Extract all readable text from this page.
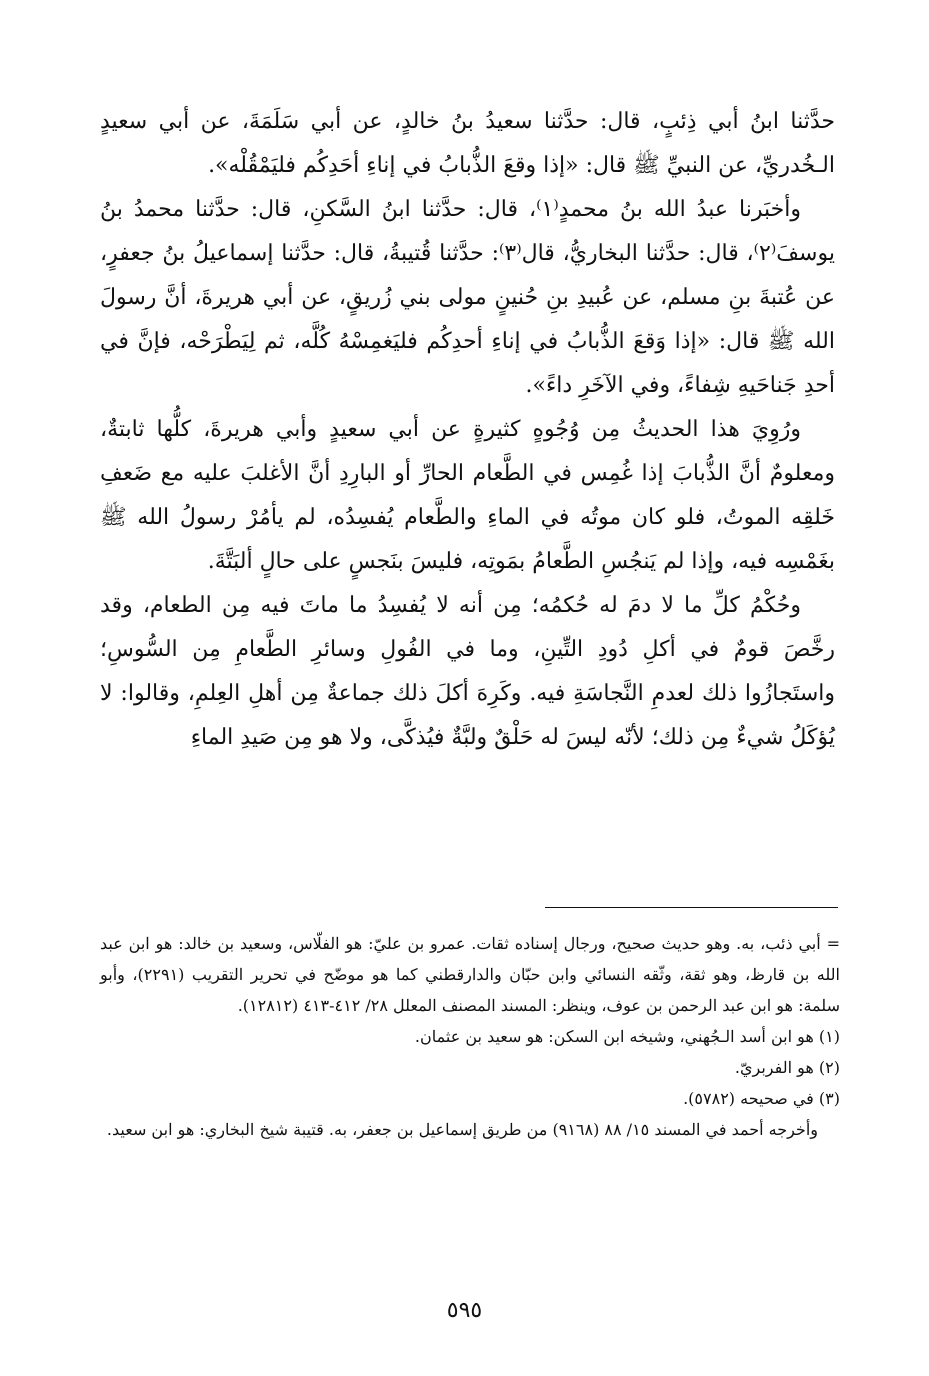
حدَّثنا ابنُ أبي ذِئبٍ، قال: حدَّثنا سعيدُ بنُ خالدٍ، عن أبي سَلَمَةَ، عن أبي سعيدٍ الـخُدريِّ، عن النبيِّ ﷺ قال: «إذا وقعَ الذُّبابُ في إناءِ أحَدِكُم فليَمْقُلْه».

وأخبَرنا عبدُ الله بنُ محمدٍ⁽١⁾، قال: حدَّثنا ابنُ السَّكنِ، قال: حدَّثنا محمدُ بنُ يوسفَ⁽٢⁾، قال: حدَّثنا البخاريُّ، قال⁽٣⁾: حدَّثنا قُتيبةُ، قال: حدَّثنا إسماعيلُ بنُ جعفرٍ، عن عُتبةَ بنِ مسلم، عن عُبيدِ بنِ حُنينٍ مولى بني زُريقٍ، عن أبي هريرةَ، أنَّ رسولَ الله ﷺ قال: «إذا وَقعَ الذُّبابُ في إناءِ أحدِكُم فليَغمِسْهُ كُلَّه، ثم لِيَطْرَحْه، فإنَّ في أحدِ جَناحَيهِ شِفاءً، وفي الآخَرِ داءً».

ورُوِيَ هذا الحديثُ مِن وُجُوهٍ كثيرةٍ عن أبي سعيدٍ وأبي هريرةَ، كلُّها ثابتةٌ، ومعلومٌ أنَّ الذُّبابَ إذا غُمِس في الطَّعام الحارِّ أو البارِدِ أنَّ الأغلبَ عليه مع ضَعفِ خَلقِه الموتُ، فلو كان موتُه في الماءِ والطَّعام يُفسِدُه، لم يأمُرْ رسولُ الله ﷺ بغَمْسِه فيه، وإذا لم يَنجُسِ الطَّعامُ بمَوتِه، فليسَ بنَجسٍ على حالٍ ألبَتَّةَ.

وحُكْمُ كلِّ ما لا دمَ له حُكمُه؛ مِن أنه لا يُفسِدُ ما ماتَ فيه مِن الطعام، وقد رخَّصَ قومٌ في أكلِ دُودِ التِّينِ، وما في الفُولِ وسائرِ الطَّعامِ مِن السُّوسِ؛ واستَجازُوا ذلك لعدمِ النَّجاسَةِ فيه. وكَرِهَ أكلَ ذلك جماعةٌ مِن أهلِ العِلمِ، وقالوا: لا يُؤكَلُ شيءٌ مِن ذلك؛ لأنّه ليسَ له حَلْقٌ ولبَّةٌ فيُذكَّى، ولا هو مِن صَيدِ الماءِ

= أبي ذئب، به. وهو حديث صحيح، ورجال إسناده ثقات. عمرو بن عليّ: هو الفلّاس، وسعيد بن خالد: هو ابن عبد الله بن قارظ، وهو ثقة، وثّقه النسائي وابن حبّان والدارقطني كما هو موضّح في تحرير التقريب (٢٢٩١)، وأبو سلمة: هو ابن عبد الرحمن بن عوف، وينظر: المسند المصنف المعلل ٢٨/ ٤١٢-٤١٣ (١٢٨١٢).

(١) هو ابن أسد الـجُهني، وشيخه ابن السكن: هو سعيد بن عثمان.

(٢) هو الفربريّ.

(٣) في صحيحه (٥٧٨٢).

وأخرجه أحمد في المسند ١٥/ ٨٨ (٩١٦٨) من طريق إسماعيل بن جعفر، به. قتيبة شيخ البخاري: هو ابن سعيد.

٥٩٥
